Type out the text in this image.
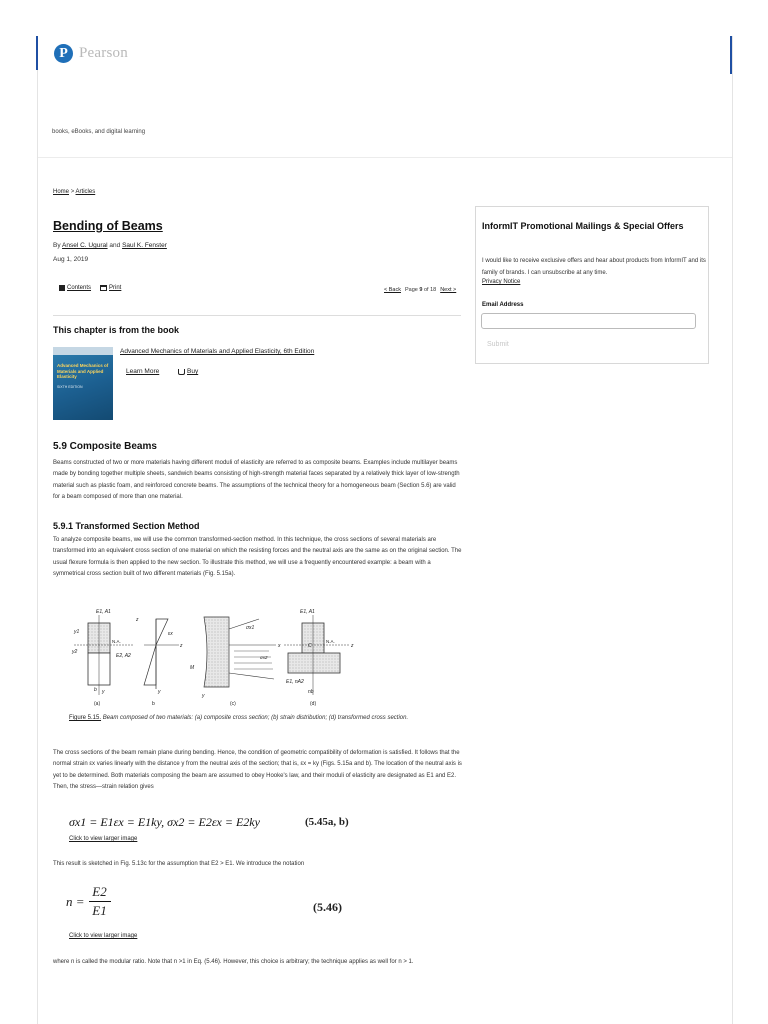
P Pearson
books, eBooks, and digital learning
Home > Articles
Bending of Beams
By Ansel C. Ugural and Saul K. Fenster
Aug 1, 2019
Contents	Print	< Back Page 9 of 18 Next >
This chapter is from the book
Advanced Mechanics of Materials and Applied Elasticity
SIXTH EDITION
Advanced Mechanics of Materials and Applied Elasticity, 6th Edition
Learn More	Buy
5.9 Composite Beams
Beams constructed of two or more materials having different moduli of elasticity are referred to as composite beams. Examples include multilayer beams made by bonding together multiple sheets, sandwich beams consisting of high-strength material faces separated by a relatively thick layer of low-strength material such as plastic foam, and reinforced concrete beams. The assumptions of the technical theory for a homogeneous beam (Section 5.6) are valid for a beam composed of more than one material.
5.9.1 Transformed Section Method
To analyze composite beams, we will use the common transformed-section method. In this technique, the cross sections of several materials are transformed into an equivalent cross section of one material on which the resisting forces and the neutral axis are the same as on the original section. The usual flexure formula is then applied to the new section. To illustrate this method, we will use a frequently encountered example: a beam with a symmetrical cross section built of two different materials (Fig. 5.15a).
E1, A1
E2, A2
N.A.
z
y
y1
y2
b
(a)
εx
z
y
b
σx1
σx2
x
M
y
(c)
E1, A1
N.A.
C	z
E1, nA2
nb
(d)
Figure 5.15. Beam composed of two materials: (a) composite cross section; (b) strain distribution; (d) transformed cross section.
The cross sections of the beam remain plane during bending. Hence, the condition of geometric compatibility of deformation is satisfied. It follows that the normal strain εx varies linearly with the distance y from the neutral axis of the section; that is, εx = ky (Figs. 5.15a and b). The location of the neutral axis is yet to be determined. Both materials composing the beam are assumed to obey Hooke's law, and their moduli of elasticity are designated as E1 and E2. Then, the stress—strain relation gives
σx1 = E1εx = E1ky, σx2 = E2εx = E2ky	(5.45a, b)
Click to view larger image
This result is sketched in Fig. 5.13c for the assumption that E2 > E1. We introduce the notation
$n = \frac{E2}{E1}$	(5.46)
Click to view larger image
where n is called the modular ratio. Note that n >1 in Eq. (5.46). However, this choice is arbitrary; the technique applies as well for n > 1.
InformIT Promotional Mailings & Special Offers
I would like to receive exclusive offers and hear about products from InformIT and its family of brands. I can unsubscribe at any time.
Privacy Notice
Email Address
Submit
